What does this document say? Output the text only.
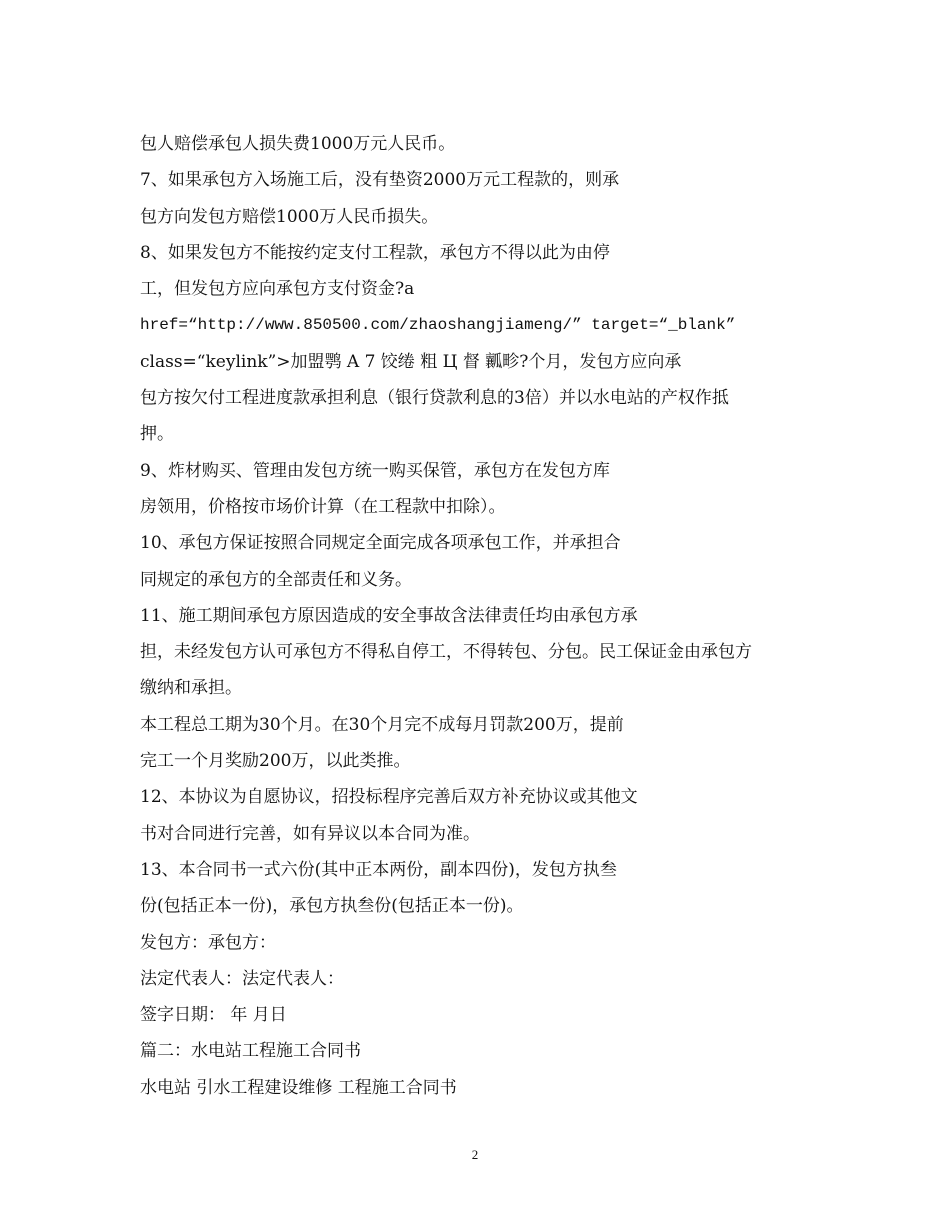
包人赔偿承包人损失费1000万元人民币。
7、如果承包方入场施工后，没有垫资2000万元工程款的，则承
包方向发包方赔偿1000万人民币损失。
8、如果发包方不能按约定支付工程款，承包方不得以此为由停
工，但发包方应向承包方支付资金?a
href=“http://www.850500.com/zhaoshangjiameng/” target=“_blank”
class=“keylink”>加盟鹗 A 7 饺绻 粗 Ц 督 瓤畛?个月，发包方应向承
包方按欠付工程进度款承担利息（银行贷款利息的3倍）并以水电站的产权作抵
押。
9、炸材购买、管理由发包方统一购买保管，承包方在发包方库
房领用，价格按市场价计算（在工程款中扣除）。
10、承包方保证按照合同规定全面完成各项承包工作，并承担合
同规定的承包方的全部责任和义务。
11、施工期间承包方原因造成的安全事故含法律责任均由承包方承
担，未经发包方认可承包方不得私自停工，不得转包、分包。民工保证金由承包方
缴纳和承担。
本工程总工期为30个月。在30个月完不成每月罚款200万，提前
完工一个月奖励200万，以此类推。
12、本协议为自愿协议，招投标程序完善后双方补充协议或其他文
书对合同进行完善，如有异议以本合同为准。
13、本合同书一式六份(其中正本两份，副本四份)，发包方执叁
份(包括正本一份)，承包方执叁份(包括正本一份)。
发包方：承包方：
法定代表人：法定代表人：
签字日期： 年 月日
篇二：水电站工程施工合同书
水电站 引水工程建设维修 工程施工合同书
2
